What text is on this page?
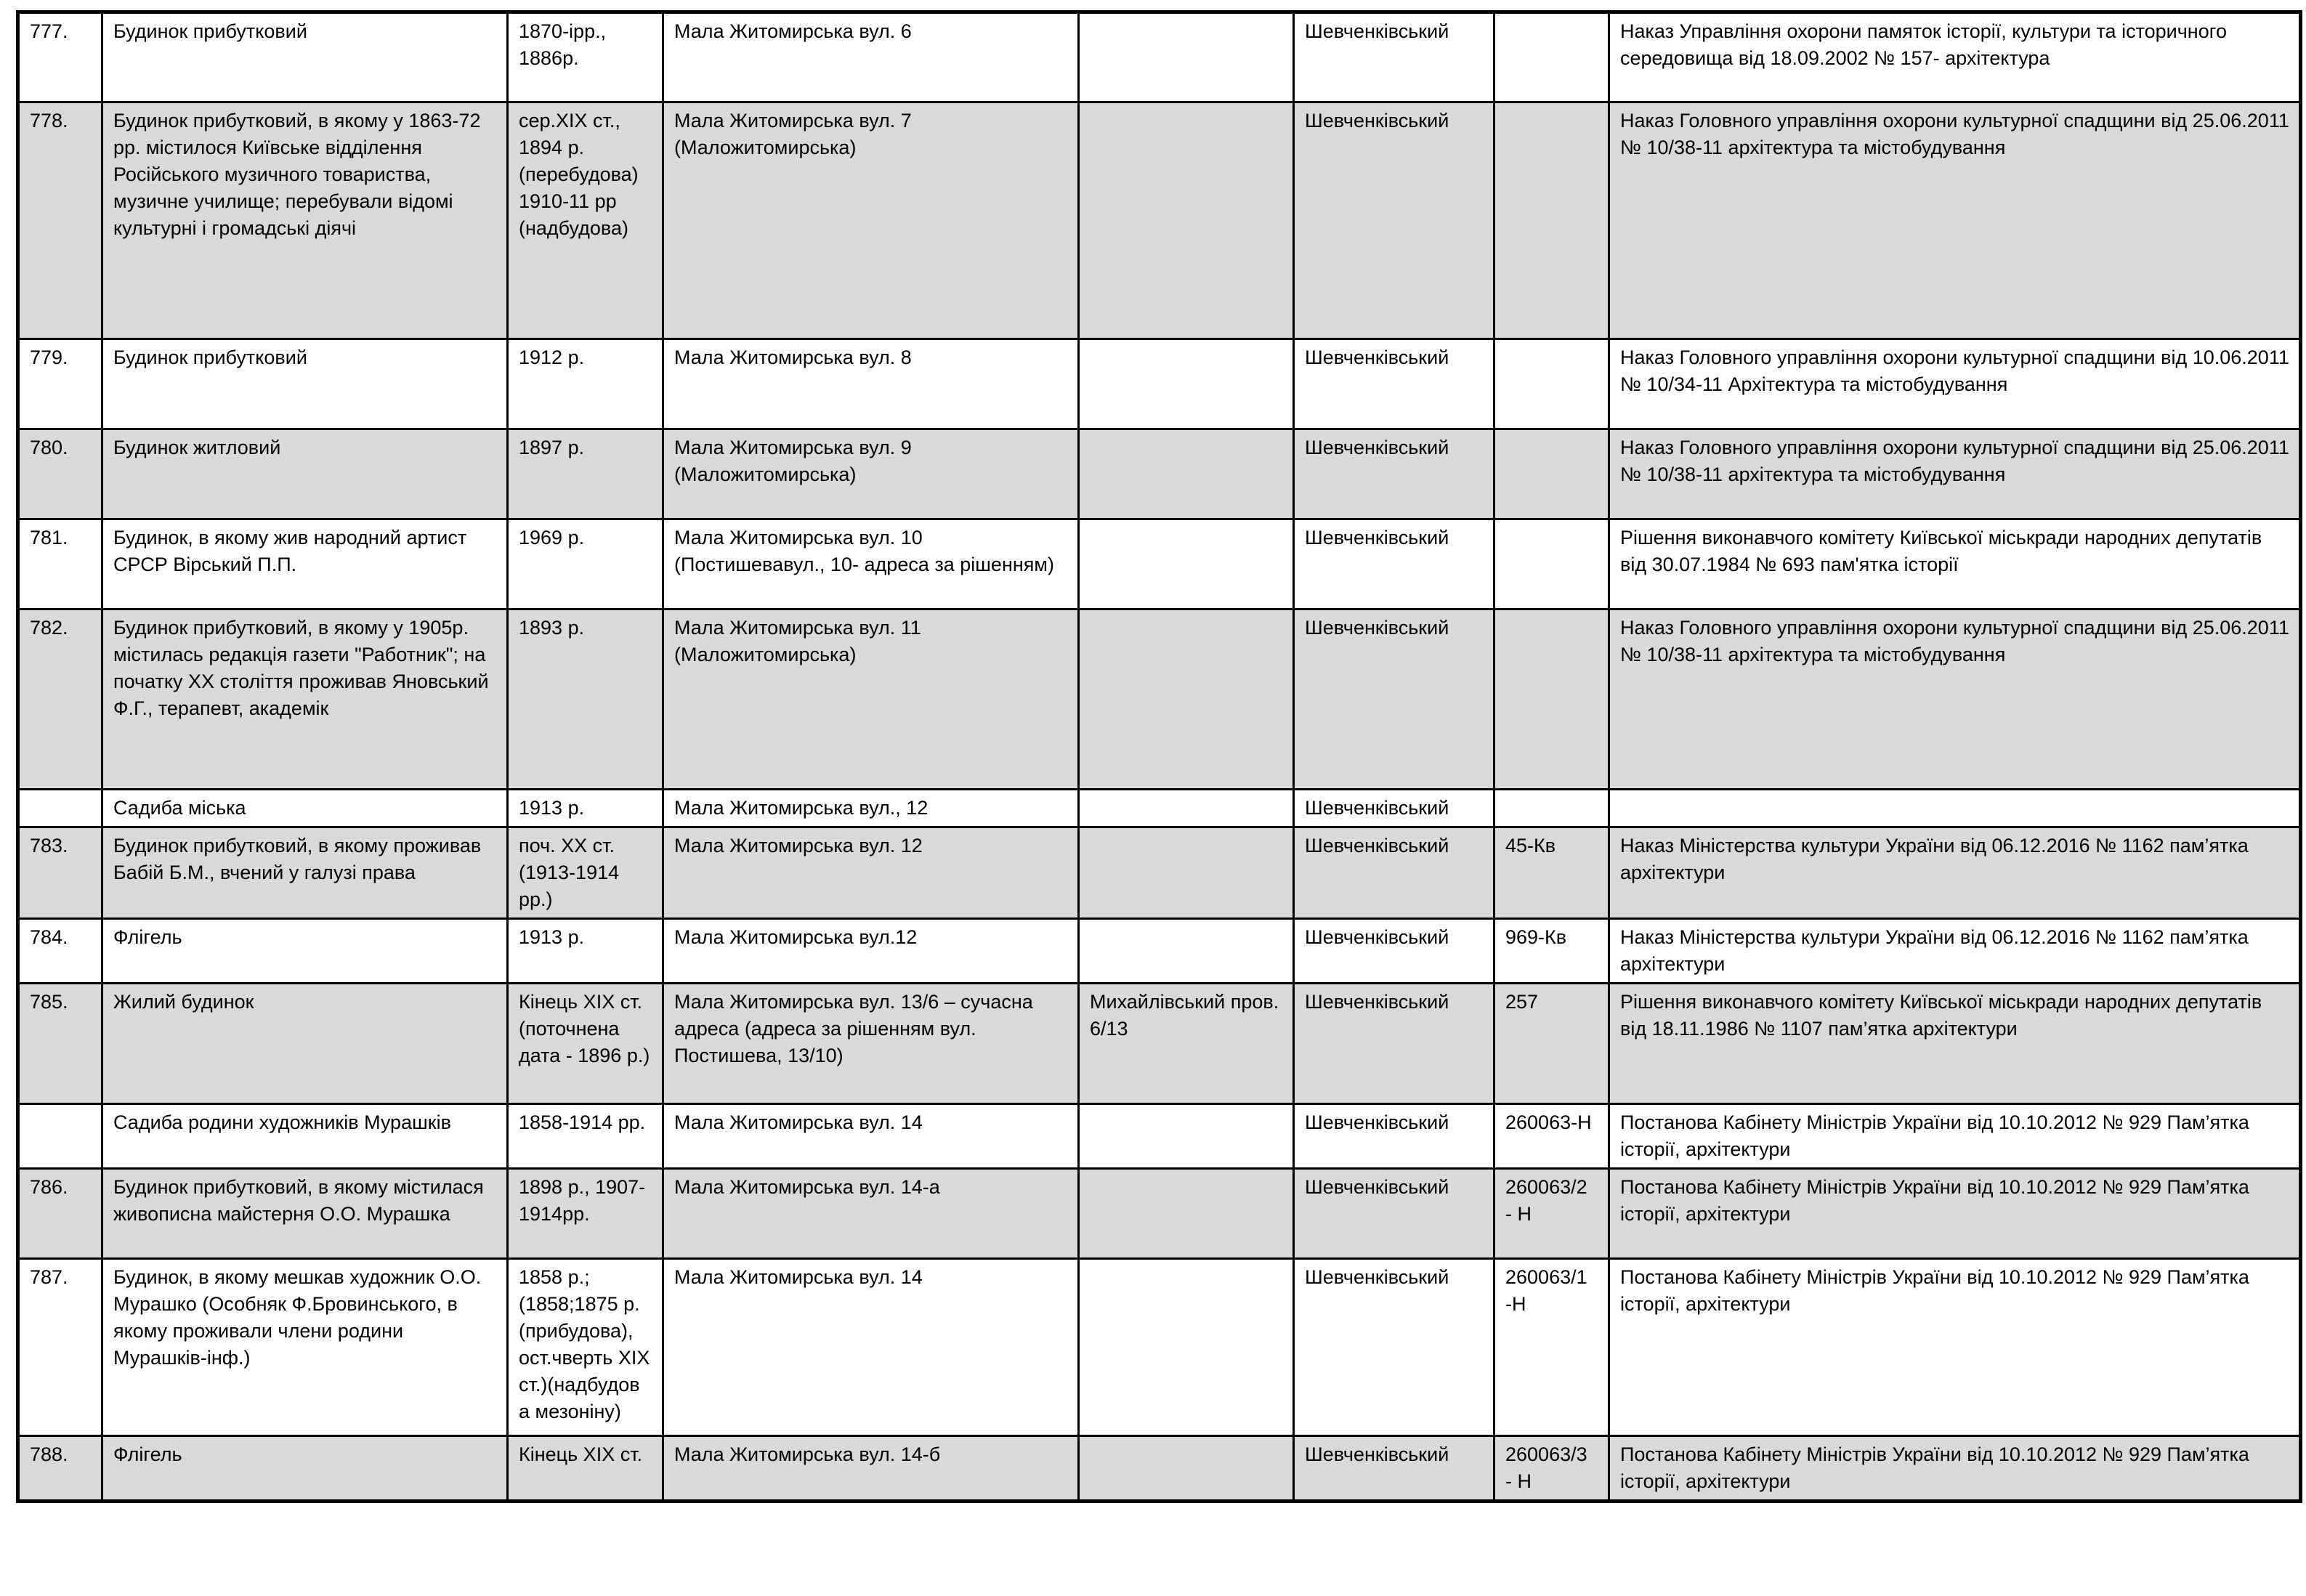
777.	Будинок прибутковий	1870-ірр., 1886р.	Мала Житомирська вул. 6		Шевченківський		Наказ Управління охорони памяток історії, культури та історичного середовища від 18.09.2002 № 157- архітектура
778.	Будинок прибутковий, в якому у 1863-72 рр. містилося Київське відділення Російського музичного товариства, музичне училище; перебували відомі культурні і громадські діячі	сер.ХІХ ст., 1894 р. (перебудова) 1910-11 рр (надбудова)	Мала Житомирська вул. 7 (Маложитомирська)		Шевченківський		Наказ Головного управління охорони культурної спадщини від 25.06.2011 № 10/38-11 архітектура та містобудування
779.	Будинок прибутковий	1912 р.	Мала Житомирська вул. 8		Шевченківський		Наказ Головного управління охорони культурної спадщини від 10.06.2011 № 10/34-11 Архітектура та містобудування
780.	Будинок житловий	1897 р.	Мала Житомирська вул. 9 (Маложитомирська)		Шевченківський		Наказ Головного управління охорони культурної спадщини від 25.06.2011 № 10/38-11 архітектура та містобудування
781.	Будинок, в якому жив народний артист СРСР Вірський П.П.	1969 р.	Мала Житомирська вул. 10 (Постишевавул., 10- адреса за рішенням)		Шевченківський		Рішення виконавчого комітету Київської міськради народних депутатів від 30.07.1984 № 693 пам'ятка історії
782.	Будинок прибутковий, в якому у 1905р. містилась редакція газети "Работник"; на початку ХХ століття проживав Яновський Ф.Г., терапевт, академік	1893 р.	Мала Житомирська вул. 11 (Маложитомирська)		Шевченківський		Наказ Головного управління охорони культурної спадщини від 25.06.2011 № 10/38-11 архітектура та містобудування
	Садиба міська	1913 р.	Мала Житомирська вул., 12		Шевченківський		
783.	Будинок прибутковий, в якому проживав Бабій Б.М., вчений у галузі права	поч. ХХ ст. (1913-1914 рр.)	Мала Житомирська вул. 12		Шевченківський	45-Кв	Наказ Міністерства культури України від 06.12.2016 № 1162 пам’ятка архітектури
784.	Флігель	1913 р.	Мала Житомирська вул.12		Шевченківський	969-Кв	Наказ Міністерства культури України від 06.12.2016 № 1162 пам’ятка архітектури
785.	Жилий будинок	Кінець ХІХ ст. (поточнена дата - 1896 р.)	Мала Житомирська вул. 13/6 – сучасна адреса (адреса за рішенням вул. Постишева, 13/10)	Михайлівський пров. 6/13	Шевченківський	257	Рішення виконавчого комітету Київської міськради народних депутатів від 18.11.1986 № 1107 пам’ятка архітектури
	Садиба родини художників Мурашків	1858-1914 рр.	Мала Житомирська вул. 14		Шевченківський	260063-Н	Постанова Кабінету Міністрів України від 10.10.2012 № 929 Пам’ятка історії, архітектури
786.	Будинок прибутковий, в якому містилася живописна майстерня О.О. Мурашка	1898 р., 1907-1914рр.	Мала Житомирська вул. 14-а		Шевченківський	260063/2 - Н	Постанова Кабінету Міністрів України від 10.10.2012 № 929 Пам’ятка історії, архітектури
787.	Будинок, в якому мешкав художник О.О. Мурашко (Особняк Ф.Бровинського, в якому проживали члени родини Мурашків-інф.)	1858 р.; (1858;1875 р. (прибудова), ост.чверть ХІХ ст.)(надбудов а мезоніну)	Мала Житомирська вул. 14		Шевченківський	260063/1 -Н	Постанова Кабінету Міністрів України від 10.10.2012 № 929 Пам’ятка історії, архітектури
788.	Флігель	Кінець ХІХ ст.	Мала Житомирська вул. 14-б		Шевченківський	260063/3 - Н	Постанова Кабінету Міністрів України від 10.10.2012 № 929 Пам’ятка історії, архітектури
